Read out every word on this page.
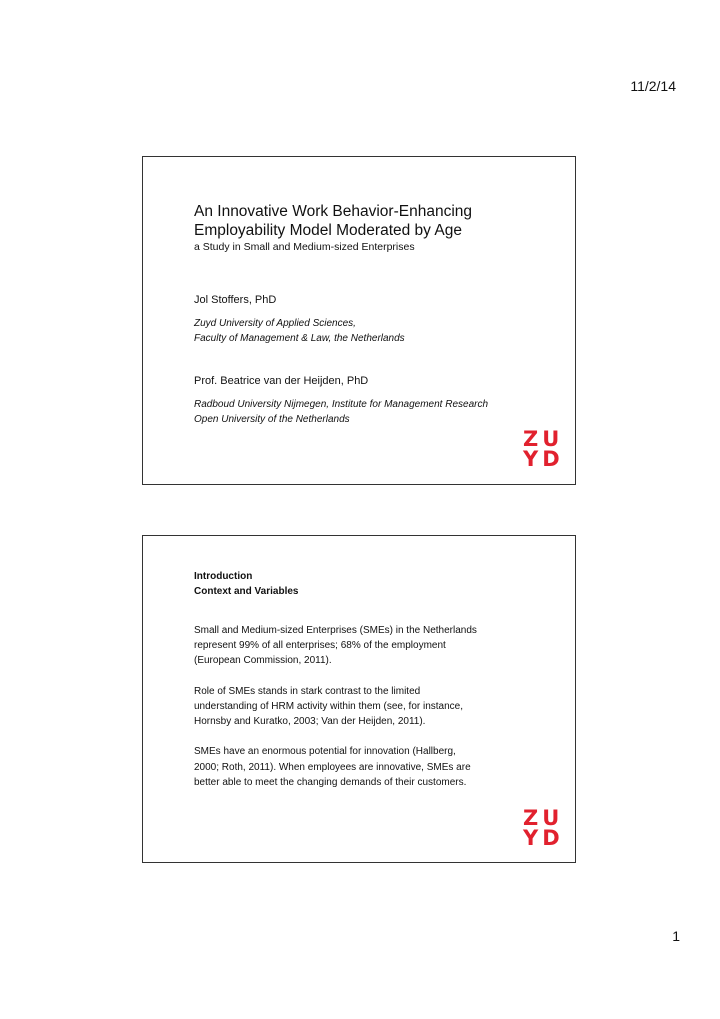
11/2/14

An Innovative Work Behavior-Enhancing

Employability Model Moderated by Age

a Study in Small and Medium-sized Enterprises

Jol Stoffers, PhD

Zuyd University of Applied Sciences,

Faculty of Management & Law, the Netherlands

Prof. Beatrice van der Heijden, PhD

Radboud University Nijmegen, Institute for Management Research

Open University of the Netherlands

ZU
YD

Introduction

Context and Variables

Small and Medium-sized Enterprises (SMEs) in the Netherlands

represent 99% of all enterprises; 68% of the employment

(European Commission, 2011).

Role of SMEs stands in stark contrast to the limited

understanding of HRM activity within them (see, for instance,

Hornsby and Kuratko, 2003; Van der Heijden, 2011).

SMEs have an enormous potential for innovation (Hallberg,

2000; Roth, 2011). When employees are innovative, SMEs are

better able to meet the changing demands of their customers.

ZU
YD
1
